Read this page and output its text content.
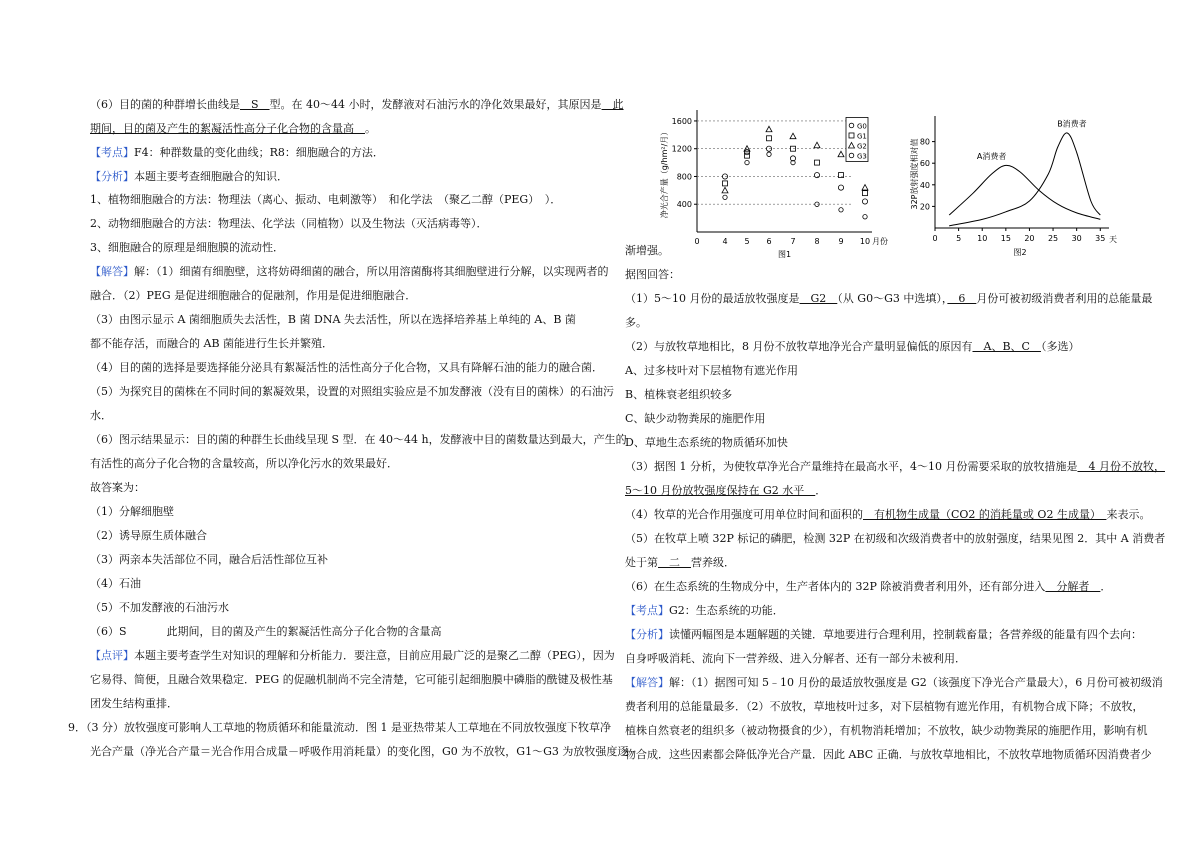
（6）目的菌的种群增长曲线是　S　型。在 40～44 小时，发酵液对石油污水的净化效果最好，其原因是　此
期间，目的菌及产生的絮凝活性高分子化合物的含量高　。
【考点】F4：种群数量的变化曲线；R8：细胞融合的方法．
【分析】本题主要考查细胞融合的知识．
1、植物细胞融合的方法：物理法（离心、振动、电刺激等）　和化学法　（聚乙二醇（PEG）　）．
2、动物细胞融合的方法：物理法、化学法（同植物）以及生物法（灭活病毒等）．
3、细胞融合的原理是细胞膜的流动性．
【解答】解：（1）细菌有细胞壁，这将妨碍细菌的融合，所以用溶菌酶将其细胞壁进行分解，以实现两者的
融合．（2）PEG 是促进细胞融合的促融剂，作用是促进细胞融合．
（3）由图示显示 A 菌细胞质失去活性，B 菌 DNA 失去活性，所以在选择培养基上单纯的 A、B 菌
都不能存活，而融合的 AB 菌能进行生长并繁殖．
（4）目的菌的选择是要选择能分泌具有絮凝活性的活性高分子化合物，又具有降解石油的能力的融合菌．
（5）为探究目的菌株在不同时间的絮凝效果，设置的对照组实验应是不加发酵液（没有目的菌株）的石油污
水．
（6）图示结果显示：目的菌的种群生长曲线呈现 S 型．在 40～44 h，发酵液中目的菌数量达到最大，产生的
有活性的高分子化合物的含量较高，所以净化污水的效果最好．
故答案为：
（1）分解细胞壁
（2）诱导原生质体融合
（3）两亲本失活部位不同，融合后活性部位互补
（4）石油
（5）不加发酵液的石油污水
（6）S	此期间，目的菌及产生的絮凝活性高分子化合物的含量高
【点评】本题主要考查学生对知识的理解和分析能力．要注意，目前应用最广泛的是聚乙二醇（PEG），因为
它易得、简便，且融合效果稳定．PEG 的促融机制尚不完全清楚，它可能引起细胞膜中磷脂的酰键及极性基
团发生结构重排．
9．（3 分）放牧强度可影响人工草地的物质循环和能量流动．图 1 是亚热带某人工草地在不同放牧强度下牧草净
光合产量（净光合产量＝光合作用合成量－呼吸作用消耗量）的变化图，G0 为不放牧，G1～G3 为放牧强度逐
1600
1200
800
400
0	4 5 6 7 8 9 10 月份
图1
净光合产量（g/hm²/月）
G0
G1
G2
G3
80
60
40
20
0 5 10 15 20 25 30 35 天
图2
32P放射强度相对值	A消费者
B消费者
渐增强。
据图回答：
（1）5～10 月份的最适放牧强度是　G2　（从 G0～G3 中选填），　6　月份可被初级消费者利用的总能量最
多。
（2）与放牧草地相比，8 月份不放牧草地净光合产量明显偏低的原因有　A、B、C　（多选）
A、过多枝叶对下层植物有遮光作用
B、植株衰老组织较多
C、缺少动物粪尿的施肥作用
D、草地生态系统的物质循环加快
（3）据图 1 分析，为使牧草净光合产量维持在最高水平，4～10 月份需要采取的放牧措施是　4 月份不放牧，
5～10 月份放牧强度保持在 G2 水平　．
（4）牧草的光合作用强度可用单位时间和面积的　有机物生成量（CO2 的消耗量或 O2 生成量）　来表示。
（5）在牧草上喷 32P 标记的磷肥，检测 32P 在初级和次级消费者中的放射强度，结果见图 2．其中 A 消费者
处于第　二　营养级．
（6）在生态系统的生物成分中，生产者体内的 32P 除被消费者利用外，还有部分进入　分解者　．
【考点】G2：生态系统的功能．
【分析】读懂两幅图是本题解题的关键．草地要进行合理利用，控制载畜量；各营养级的能量有四个去向：
自身呼吸消耗、流向下一营养级、进入分解者、还有一部分未被利用．
【解答】解：（1）据图可知 5﹣10 月份的最适放牧强度是 G2（该强度下净光合产量最大），6 月份可被初级消
费者利用的总能量最多．（2）不放牧，草地枝叶过多，对下层植物有遮光作用，有机物合成下降；不放牧，
植株自然衰老的组织多（被动物摄食的少），有机物消耗增加；不放牧，缺少动物粪尿的施肥作用，影响有机
物合成．这些因素都会降低净光合产量．因此 ABC 正确．与放牧草地相比，不放牧草地物质循环因消费者少
